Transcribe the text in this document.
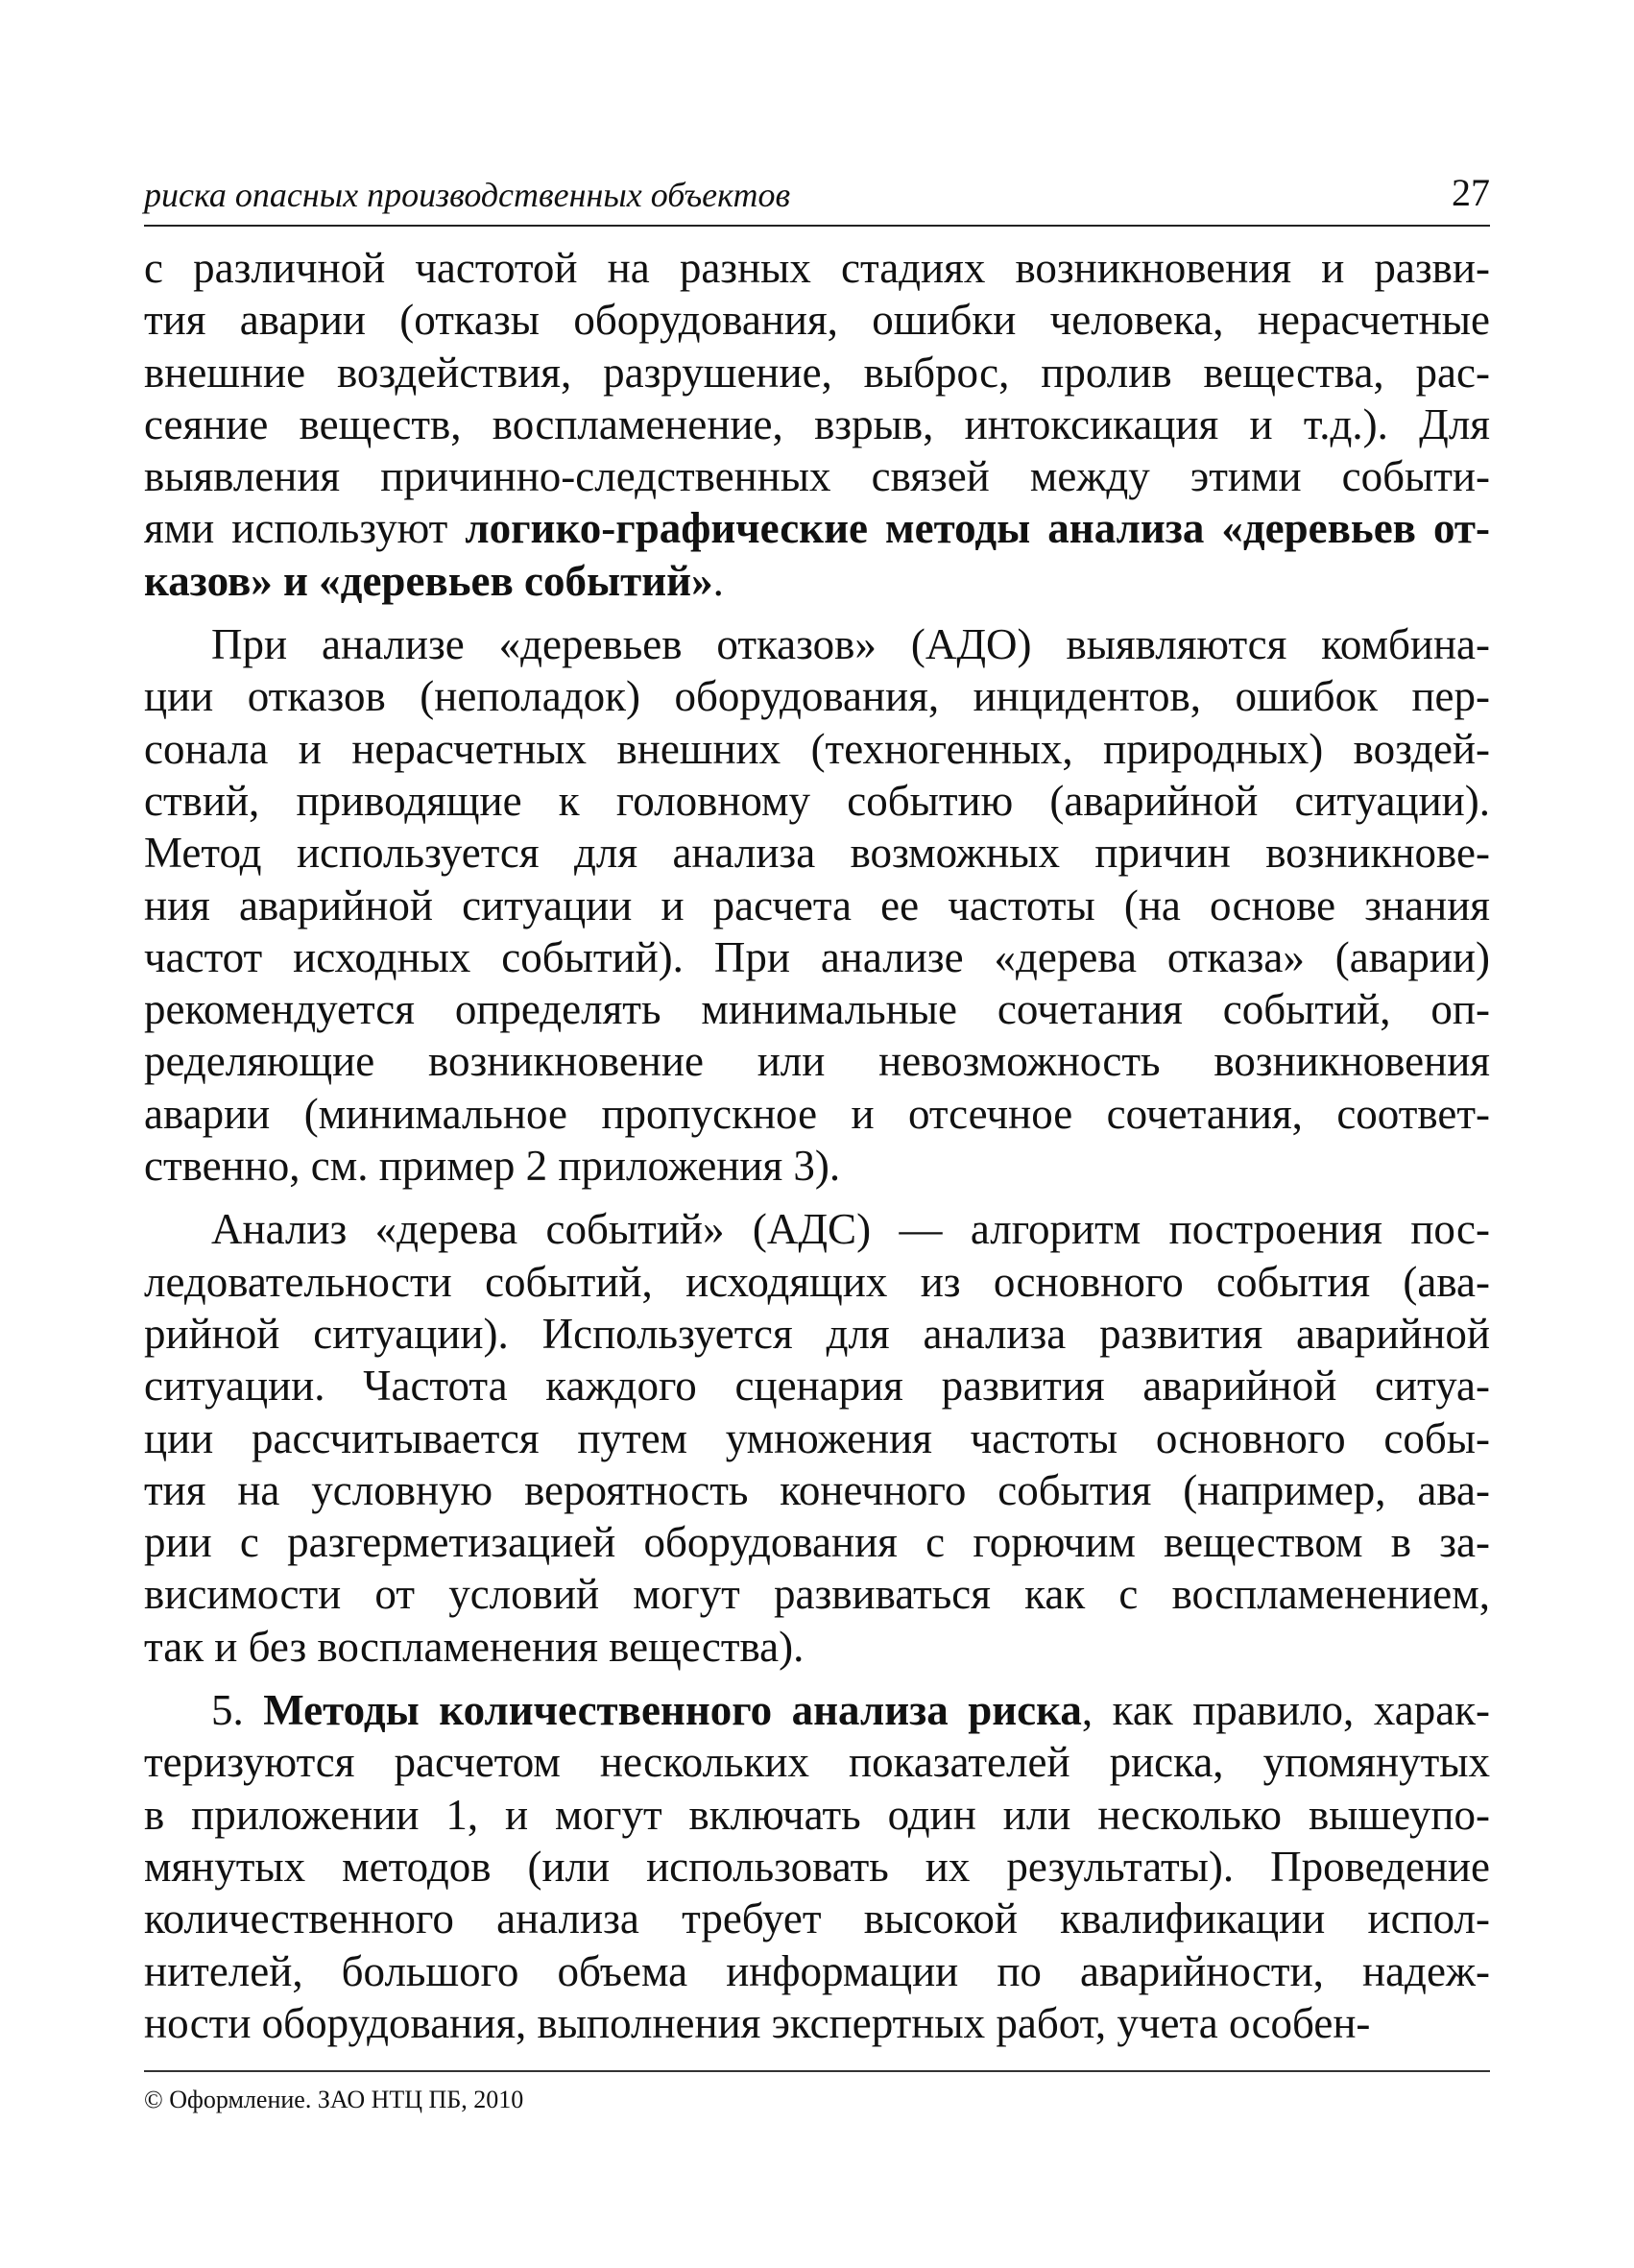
риска опасных производственных объектов	27
с различной частотой на разных стадиях возникновения и разви-
тия аварии (отказы оборудования, ошибки человека, нерасчетные
внешние воздействия, разрушение, выброс, пролив вещества, рас-
сеяние веществ, воспламенение, взрыв, интоксикация и т.д.). Для
выявления причинно-следственных связей между этими событи-
ями используют логико-графические методы анализа «деревьев от-
казов» и «деревьев событий».
При анализе «деревьев отказов» (АДО) выявляются комбина-
ции отказов (неполадок) оборудования, инцидентов, ошибок пер-
сонала и нерасчетных внешних (техногенных, природных) воздей-
ствий, приводящие к головному событию (аварийной ситуации).
Метод используется для анализа возможных причин возникнове-
ния аварийной ситуации и расчета ее частоты (на основе знания
частот исходных событий). При анализе «дерева отказа» (аварии)
рекомендуется определять минимальные сочетания событий, оп-
ределяющие возникновение или невозможность возникновения
аварии (минимальное пропускное и отсечное сочетания, соответ-
ственно, см. пример 2 приложения 3).
Анализ «дерева событий» (АДС) — алгоритм построения пос-
ледовательности событий, исходящих из основного события (ава-
рийной ситуации). Используется для анализа развития аварийной
ситуации. Частота каждого сценария развития аварийной ситуа-
ции рассчитывается путем умножения частоты основного собы-
тия на условную вероятность конечного события (например, ава-
рии с разгерметизацией оборудования с горючим веществом в за-
висимости от условий могут развиваться как с воспламенением,
так и без воспламенения вещества).
5. Методы количественного анализа риска, как правило, харак-
теризуются расчетом нескольких показателей риска, упомянутых
в приложении 1, и могут включать один или несколько вышеупо-
мянутых методов (или использовать их результаты). Проведение
количественного анализа требует высокой квалификации испол-
нителей, большого объема информации по аварийности, надеж-
ности оборудования, выполнения экспертных работ, учета особен-
© Оформление. ЗАО НТЦ ПБ, 2010
